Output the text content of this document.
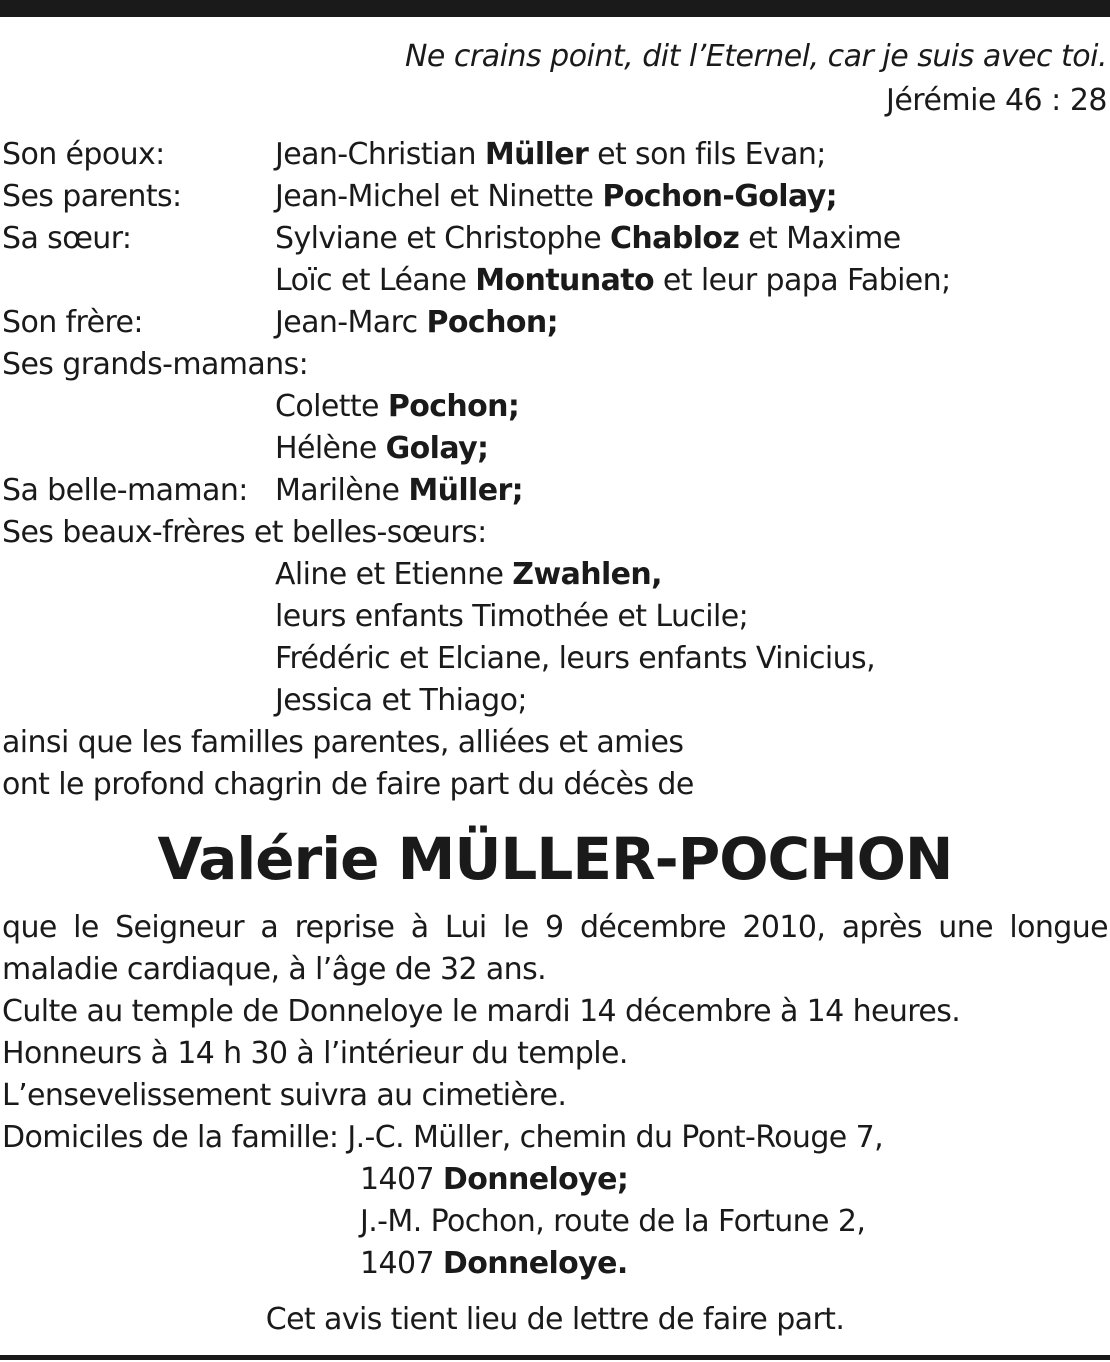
Ne crains point, dit l’Eternel, car je suis avec toi.
Jérémie 46 : 28
Son époux:	Jean-Christian Müller et son fils Evan;
Ses parents:	Jean-Michel et Ninette Pochon-Golay;
Sa sœur:	Sylviane et Christophe Chabloz et Maxime
Loïc et Léane Montunato et leur papa Fabien;
Son frère:	Jean-Marc Pochon;
Ses grands-mamans:
Colette Pochon;
Hélène Golay;
Sa belle-maman: Marilène Müller;
Ses beaux-frères et belles-sœurs:
Aline et Etienne Zwahlen,
leurs enfants Timothée et Lucile;
Frédéric et Elciane, leurs enfants Vinicius,
Jessica et Thiago;
ainsi que les familles parentes, alliées et amies
ont le profond chagrin de faire part du décès de
Valérie MÜLLER-POCHON
que le Seigneur a reprise à Lui le 9 décembre 2010, après une longue
maladie cardiaque, à l’âge de 32 ans.
Culte au temple de Donneloye le mardi 14 décembre à 14 heures.
Honneurs à 14 h 30 à l’intérieur du temple.
L’ensevelissement suivra au cimetière.
Domiciles de la famille: J.-C. Müller, chemin du Pont-Rouge 7,
1407 Donneloye;
J.-M. Pochon, route de la Fortune 2,
1407 Donneloye.
Cet avis tient lieu de lettre de faire part.
